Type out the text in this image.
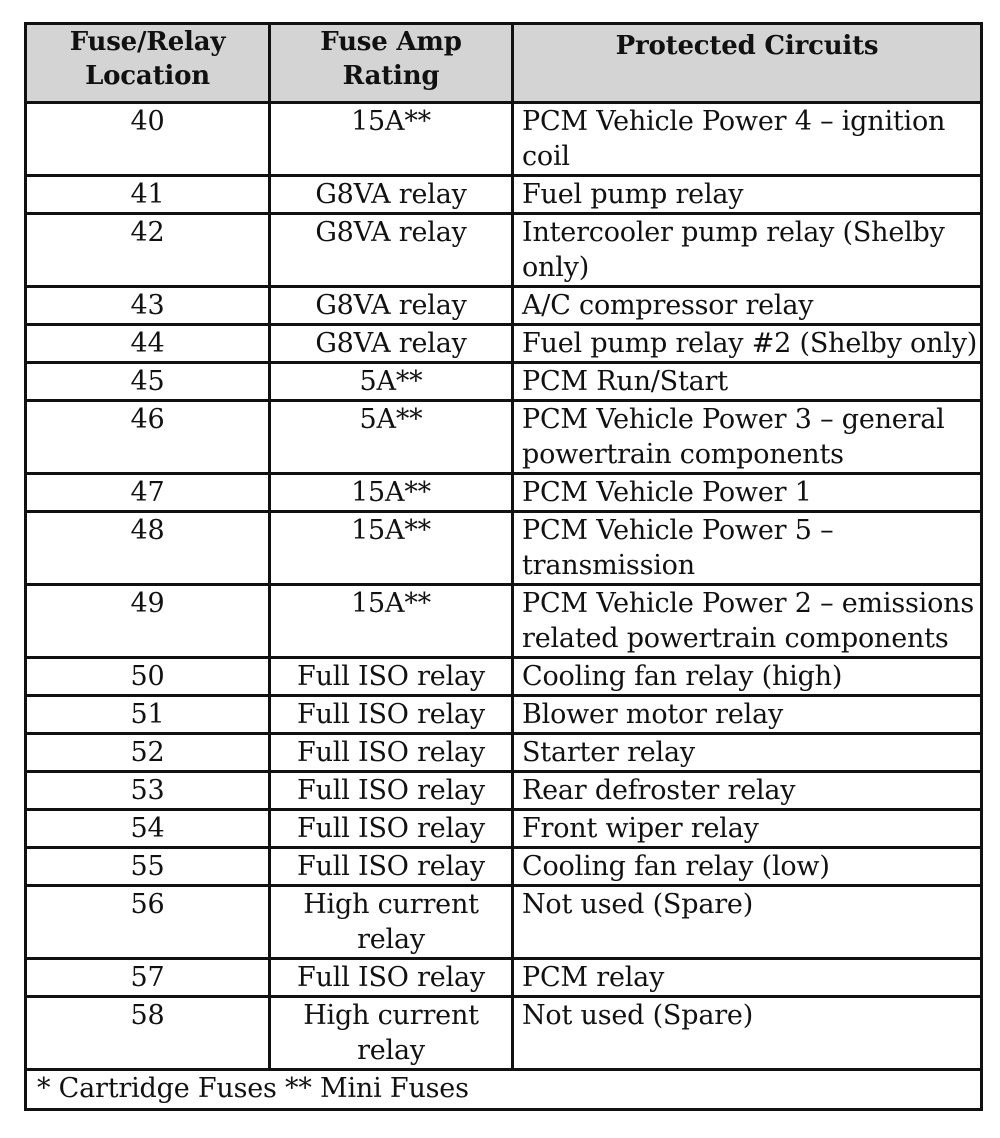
Fuse/Relay Location	Fuse Amp Rating	Protected Circuits
40	15A**	PCM Vehicle Power 4 – ignition coil
41	G8VA relay	Fuel pump relay
42	G8VA relay	Intercooler pump relay (Shelby only)
43	G8VA relay	A/C compressor relay
44	G8VA relay	Fuel pump relay #2 (Shelby only)
45	5A**	PCM Run/Start
46	5A**	PCM Vehicle Power 3 – general powertrain components
47	15A**	PCM Vehicle Power 1
48	15A**	PCM Vehicle Power 5 – transmission
49	15A**	PCM Vehicle Power 2 – emissions related powertrain components
50	Full ISO relay	Cooling fan relay (high)
51	Full ISO relay	Blower motor relay
52	Full ISO relay	Starter relay
53	Full ISO relay	Rear defroster relay
54	Full ISO relay	Front wiper relay
55	Full ISO relay	Cooling fan relay (low)
56	High current relay	Not used (Spare)
57	Full ISO relay	PCM relay
58	High current relay	Not used (Spare)
* Cartridge Fuses ** Mini Fuses		
